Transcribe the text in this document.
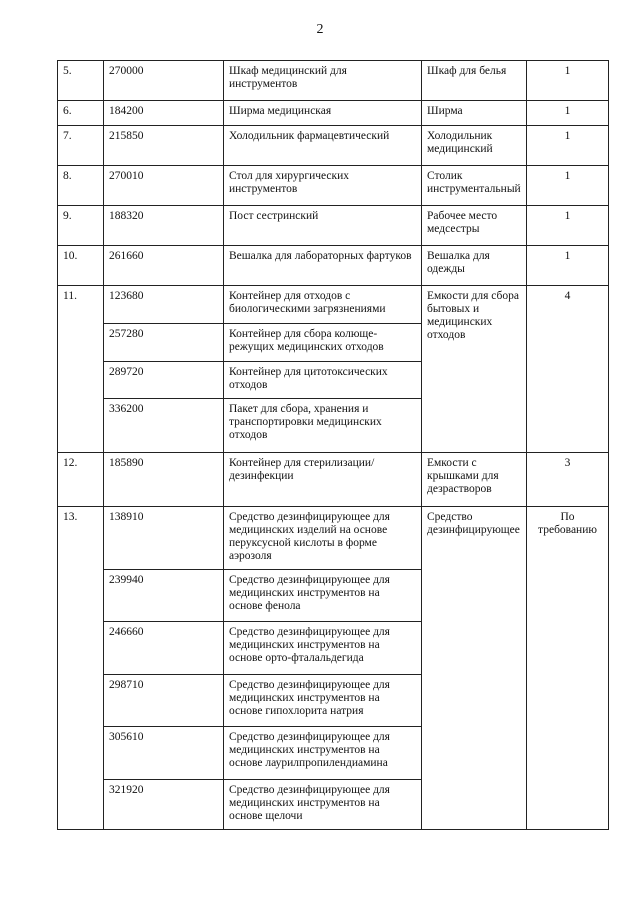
2
5.	270000	Шкаф медицинский для инструментов	Шкаф для белья	1
6.	184200	Ширма медицинская	Ширма	1
7.	215850	Холодильник фармацевтический	Холодильник медицинский	1
8.	270010	Стол для хирургических инструментов	Столик инструментальный	1
9.	188320	Пост сестринский	Рабочее место медсестры	1
10.	261660	Вешалка для лабораторных фартуков	Вешалка для одежды	1
11.	123680	Контейнер для отходов с биологическими загрязнениями	Емкости для сбора бытовых и медицинских отходов	4
	257280	Контейнер для сбора колюще-режущих медицинских отходов		
	289720	Контейнер для цитотоксических отходов		
	336200	Пакет для сбора, хранения и транспортировки медицинских отходов		
12.	185890	Контейнер для стерилизации/дезинфекции	Емкости с крышками для дезрастворов	3
13.	138910	Средство дезинфицирующее для медицинских изделий на основе перуксусной кислоты в форме аэрозоля	Средство дезинфицирующее	По требованию
	239940	Средство дезинфицирующее для медицинских инструментов на основе фенола		
	246660	Средство дезинфицирующее для медицинских инструментов на основе орто-фталальдегида		
	298710	Средство дезинфицирующее для медицинских инструментов на основе гипохлорита натрия		
	305610	Средство дезинфицирующее для медицинских инструментов на основе лаурилпропилендиамина		
	321920	Средство дезинфицирующее для медицинских инструментов на основе щелочи		
